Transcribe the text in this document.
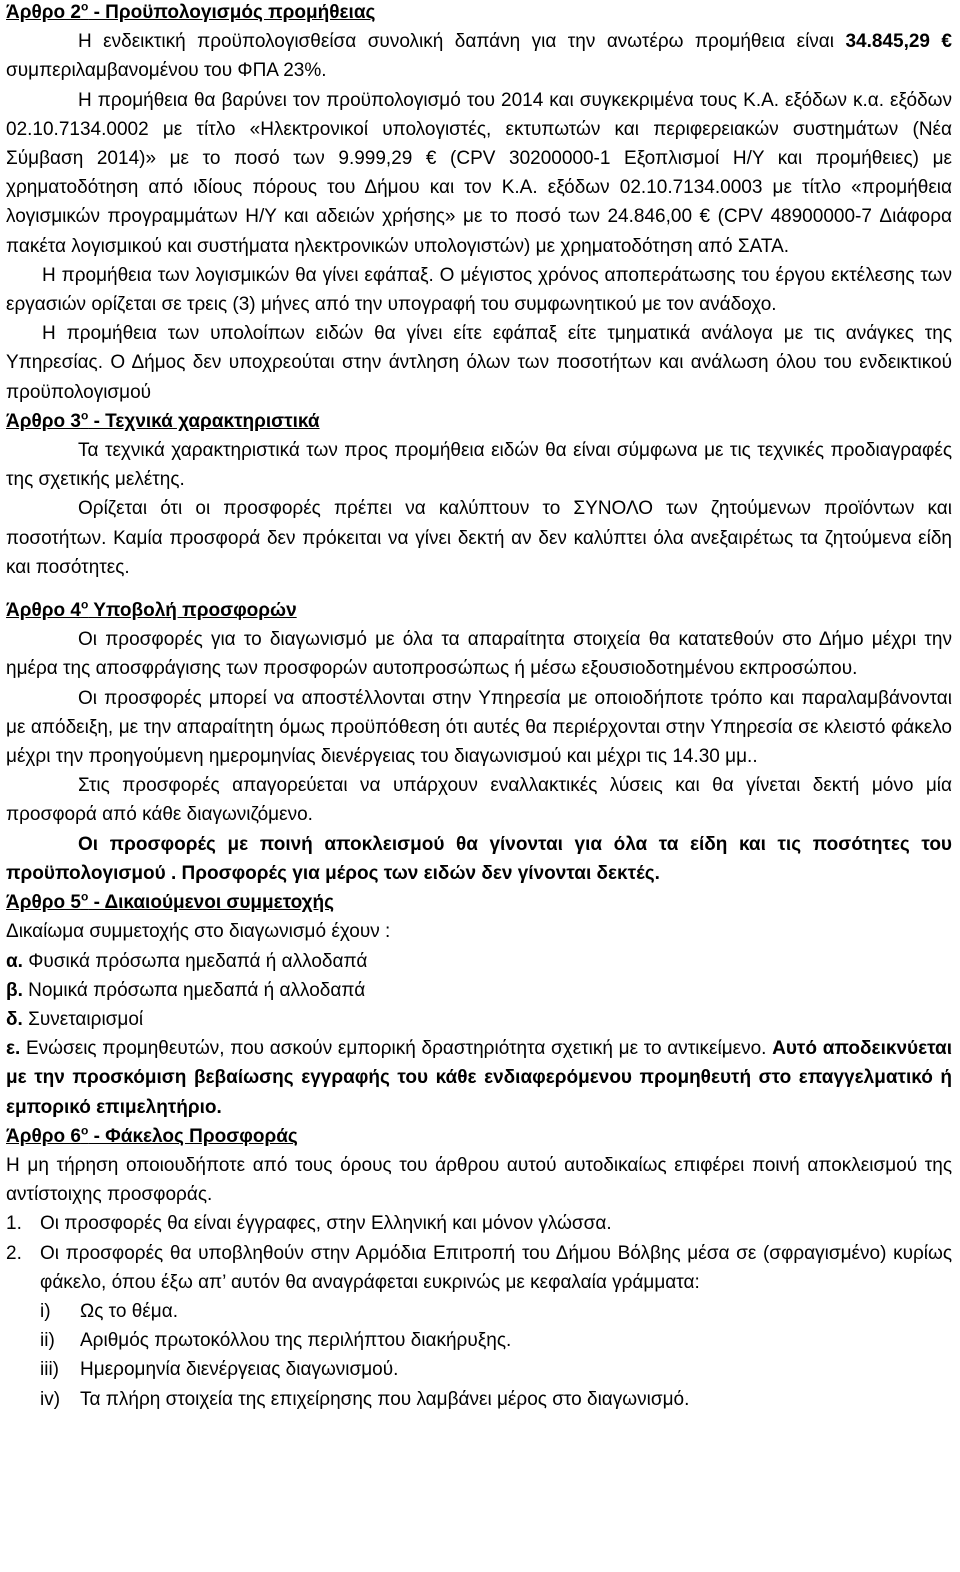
Άρθρο $2^o$ - Προϋπολογισμός προμήθειας

Η ενδεικτική προϋπολογισθείσα συνολική δαπάνη για την ανωτέρω προμήθεια είναι 34.845,29 € συμπεριλαμβανομένου του ΦΠΑ 23%.

Η προμήθεια θα βαρύνει τον προϋπολογισμό του 2014 και συγκεκριμένα τους Κ.Α. εξόδων κ.α. εξόδων 02.10.7134.0002 με τίτλο «Ηλεκτρονικοί υπολογιστές, εκτυπωτών και περιφερειακών συστημάτων (Νέα Σύμβαση 2014)» με το ποσό των 9.999,29 € (CPV 30200000-1 Εξοπλισμοί Η/Υ και προμήθειες) με χρηματοδότηση από ιδίους πόρους του Δήμου και τον Κ.Α. εξόδων 02.10.7134.0003 με τίτλο «προμήθεια λογισμικών προγραμμάτων Η/Υ και αδειών χρήσης» με το ποσό των 24.846,00 € (CPV 48900000-7 Διάφορα πακέτα λογισμικού και συστήματα ηλεκτρονικών υπολογιστών) με χρηματοδότηση από ΣΑΤΑ.

Η προμήθεια των λογισμικών θα γίνει εφάπαξ. Ο μέγιστος χρόνος αποπεράτωσης του έργου εκτέλεσης των εργασιών ορίζεται σε τρεις (3) μήνες από την υπογραφή του συμφωνητικού με τον ανάδοχο.

Η προμήθεια των υπολοίπων ειδών θα γίνει είτε εφάπαξ είτε τμηματικά ανάλογα με τις ανάγκες της Υπηρεσίας. Ο Δήμος δεν υποχρεούται στην άντληση όλων των ποσοτήτων και ανάλωση όλου του ενδεικτικού προϋπολογισμού

Άρθρο $3^o$ - Τεχνικά χαρακτηριστικά

Τα τεχνικά χαρακτηριστικά των προς προμήθεια ειδών θα είναι σύμφωνα με τις τεχνικές προδιαγραφές της σχετικής μελέτης.

Ορίζεται ότι οι προσφορές πρέπει να καλύπτουν το ΣΥΝΟΛΟ των ζητούμενων προϊόντων και ποσοτήτων. Καμία προσφορά δεν πρόκειται να γίνει δεκτή αν δεν καλύπτει όλα ανεξαιρέτως τα ζητούμενα είδη και ποσότητες.

Άρθρο $4^o$ Υποβολή προσφορών

Οι προσφορές για το διαγωνισμό με όλα τα απαραίτητα στοιχεία θα κατατεθούν στο Δήμο μέχρι την ημέρα της αποσφράγισης των προσφορών αυτοπροσώπως ή μέσω εξουσιοδοτημένου εκπροσώπου.

Οι προσφορές μπορεί να αποστέλλονται στην Υπηρεσία με οποιοδήποτε τρόπο και παραλαμβάνονται με απόδειξη, με την απαραίτητη όμως προϋπόθεση ότι αυτές θα περιέρχονται στην Υπηρεσία σε κλειστό φάκελο μέχρι την προηγούμενη ημερομηνίας διενέργειας του διαγωνισμού και μέχρι τις 14.30 μμ..

Στις προσφορές απαγορεύεται να υπάρχουν εναλλακτικές λύσεις και θα γίνεται δεκτή μόνο μία προσφορά από κάθε διαγωνιζόμενο.

Οι προσφορές με ποινή αποκλεισμού θα γίνονται για όλα τα είδη και τις ποσότητες του προϋπολογισμού . Προσφορές για μέρος των ειδών δεν γίνονται δεκτές.

Άρθρο $5^o$ - Δικαιούμενοι συμμετοχής

Δικαίωμα συμμετοχής στο διαγωνισμό έχουν :

α. Φυσικά πρόσωπα ημεδαπά ή αλλοδαπά

β. Νομικά πρόσωπα ημεδαπά ή αλλοδαπά

δ. Συνεταιρισμοί

ε. Ενώσεις προμηθευτών, που ασκούν εμπορική δραστηριότητα σχετική με το αντικείμενο. Αυτό αποδεικνύεται με την προσκόμιση βεβαίωσης εγγραφής του κάθε ενδιαφερόμενου προμηθευτή στο επαγγελματικό ή εμπορικό επιμελητήριο.

Άρθρο $6^o$ - Φάκελος Προσφοράς

Η μη τήρηση οποιουδήποτε από τους όρους του άρθρου αυτού αυτοδικαίως επιφέρει ποινή αποκλεισμού της αντίστοιχης προσφοράς.

1. Οι προσφορές θα είναι έγγραφες, στην Ελληνική και μόνον γλώσσα.
2. Οι προσφορές θα υποβληθούν στην Αρμόδια Επιτροπή του Δήμου Βόλβης μέσα σε (σφραγισμένο) κυρίως φάκελο, όπου έξω απ’ αυτόν θα αναγράφεται ευκρινώς με κεφαλαία γράμματα:
i)	Ως το θέμα.
ii)	Αριθμός πρωτοκόλλου της περιλήπτου διακήρυξης.
iii)	Ημερομηνία διενέργειας διαγωνισμού.
iv)	Τα πλήρη στοιχεία της επιχείρησης που λαμβάνει μέρος στο διαγωνισμό.
